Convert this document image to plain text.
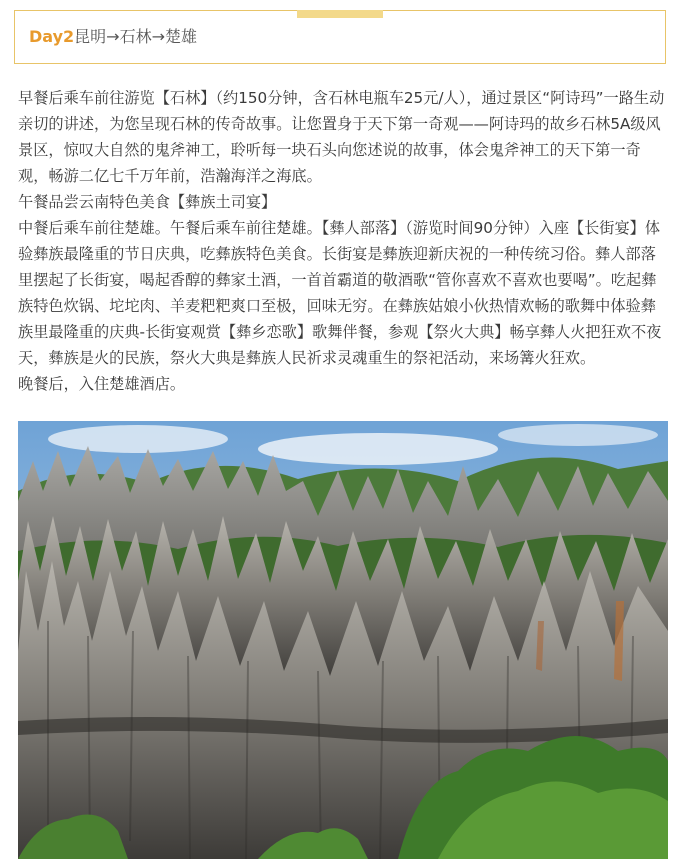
Day2昆明→石林→楚雄

早餐后乘车前往游览【石林】（约150分钟，含石林电瓶车25元/人），通过景区“阿诗玛”一路生动亲切的讲述，为您呈现石林的传奇故事。让您置身于天下第一奇观——阿诗玛的故乡石林5A级风景区，惊叹大自然的鬼斧神工，聆听每一块石头向您述说的故事，体会鬼斧神工的天下第一奇观，畅游二亿七千万年前，浩瀚海洋之海底。

午餐品尝云南特色美食【彝族土司宴】

中餐后乘车前往楚雄。午餐后乘车前往楚雄。【彝人部落】（游览时间90分钟）入座【长街宴】体验彝族最隆重的节日庆典，吃彝族特色美食。长街宴是彝族迎新庆祝的一种传统习俗。彝人部落里摆起了长街宴，喝起香醇的彝家土酒，一首首霸道的敬酒歌“管你喜欢不喜欢也要喝”。吃起彝族特色炊锅、坨坨肉、羊麦粑粑爽口至极，回味无穷。在彝族姑娘小伙热情欢畅的歌舞中体验彝族里最隆重的庆典-长街宴观赏【彝乡恋歌】歌舞伴餐，参观【祭火大典】畅享彝人火把狂欢不夜天，彝族是火的民族，祭火大典是彝族人民祈求灵魂重生的祭祀活动，来场篝火狂欢。

晚餐后，入住楚雄酒店。
